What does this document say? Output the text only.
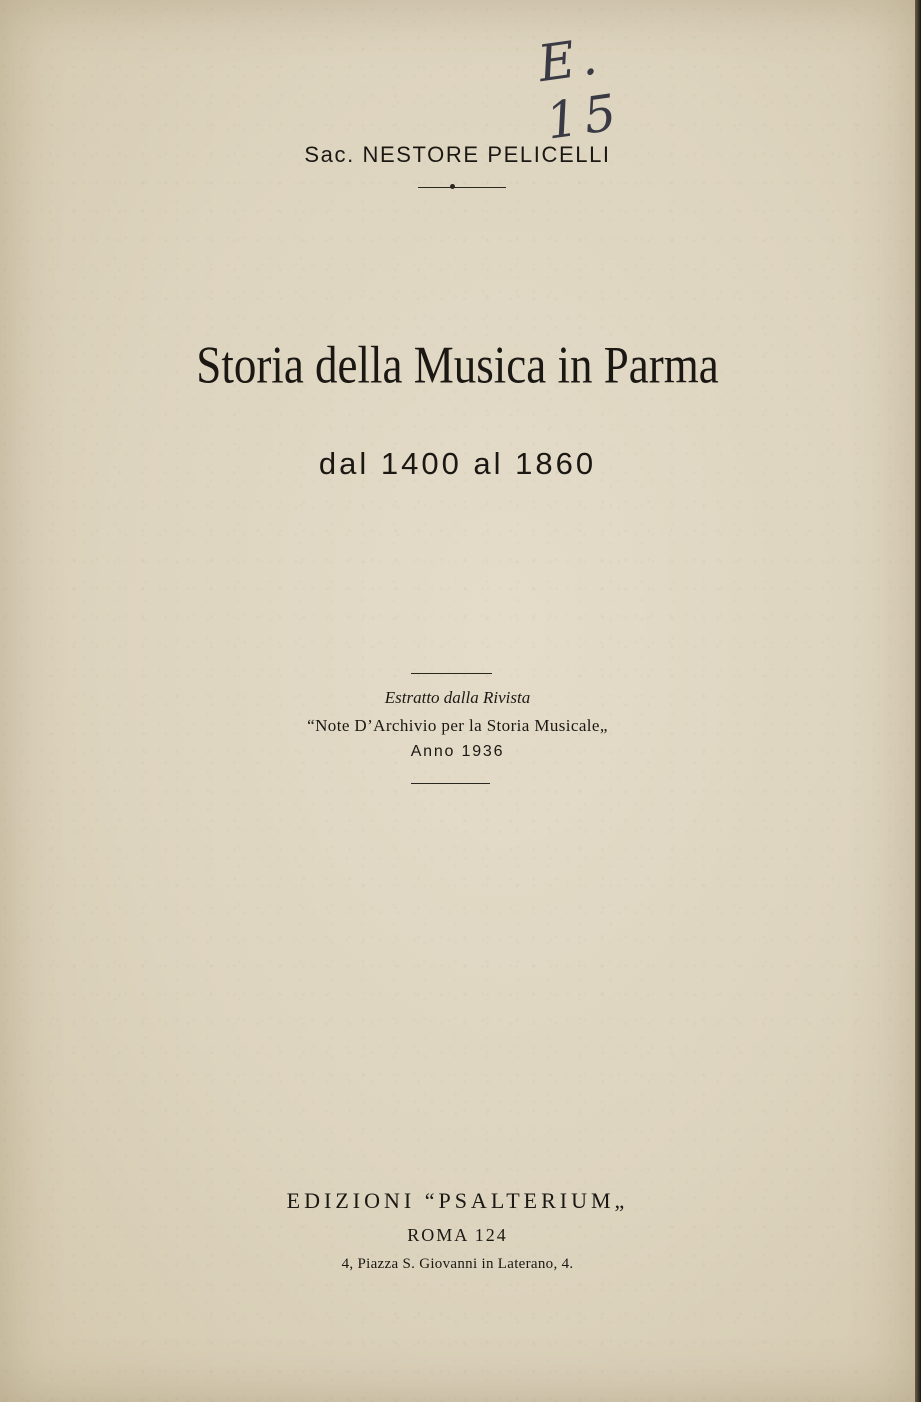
E. 15
Sac. NESTORE PELICELLI
Storia della Musica in Parma
dal 1400 al 1860
Estratto dalla Rivista
“Note D’Archivio per la Storia Musicale„
Anno 1936
EDIZIONI “PSALTERIUM„
ROMA 124
4, Piazza S. Giovanni in Laterano, 4.
